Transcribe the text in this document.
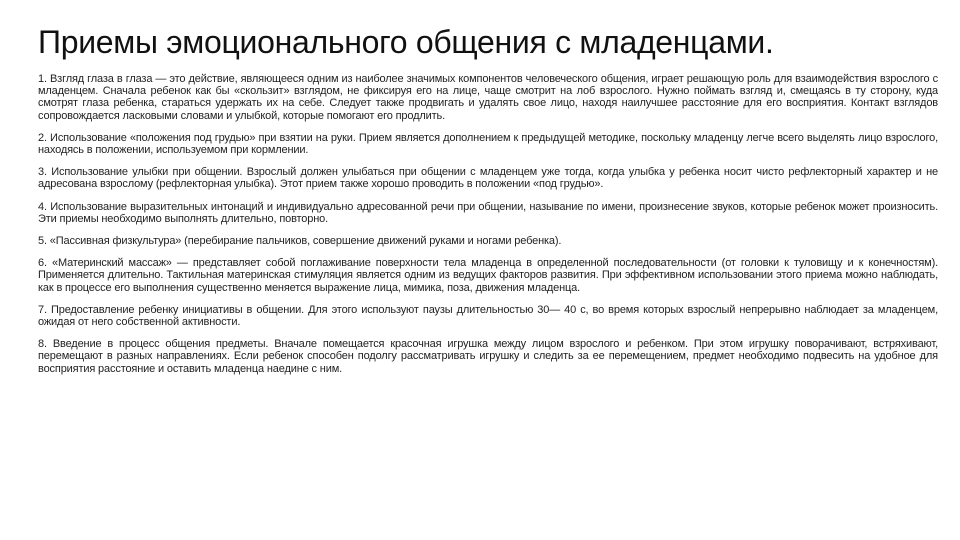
Приемы эмоционального общения с младенцами.

1. Взгляд глаза в глаза — это действие, являющееся одним из наиболее значимых компонентов человеческого общения, играет решающую роль для взаимодействия взрослого с младенцем. Сначала ребенок как бы «скользит» взглядом, не фиксируя его на лице, чаще смотрит на лоб взрослого. Нужно поймать взгляд и, смещаясь в ту сторону, куда смотрят глаза ребенка, стараться удержать их на себе. Следует также продвигать и удалять свое лицо, находя наилучшее расстояние для его восприятия. Контакт взглядов сопровождается ласковыми словами и улыбкой, которые помогают его продлить.

2. Использование «положения под грудью» при взятии на руки. Прием является дополнением к предыдущей методике, поскольку младенцу легче всего выделять лицо взрослого, находясь в положении, используемом при кормлении.

3. Использование улыбки при общении. Взрослый должен улыбаться при общении с младенцем уже тогда, когда улыбка у ребенка носит чисто рефлекторный характер и не адресована взрослому (рефлекторная улыбка). Этот прием также хорошо проводить в положении «под грудью».

4. Использование выразительных интонаций и индивидуально адресованной речи при общении, называние по имени, произнесение звуков, которые ребенок может произносить. Эти приемы необходимо выполнять длительно, повторно.

5. «Пассивная физкультура» (перебирание пальчиков, совершение движений руками и ногами ребенка).

6. «Материнский массаж» — представляет собой поглаживание поверхности тела младенца в определенной последовательности (от головки к туловищу и к конечностям). Применяется длительно. Тактильная материнская стимуляция является одним из ведущих факторов развития. При эффективном использовании этого приема можно наблюдать, как в процессе его выполнения существенно меняется выражение лица, мимика, поза, движения младенца.

7. Предоставление ребенку инициативы в общении. Для этого используют паузы длительностью 30— 40 с, во время которых взрослый непрерывно наблюдает за младенцем, ожидая от него собственной активности.

8. Введение в процесс общения предметы. Вначале помещается красочная игрушка между лицом взрослого и ребенком. При этом игрушку поворачивают, встряхивают, перемещают в разных направлениях. Если ребенок способен подолгу рассматривать игрушку и следить за ее перемещением, предмет необходимо подвесить на удобное для восприятия расстояние и оставить младенца наедине с ним.
